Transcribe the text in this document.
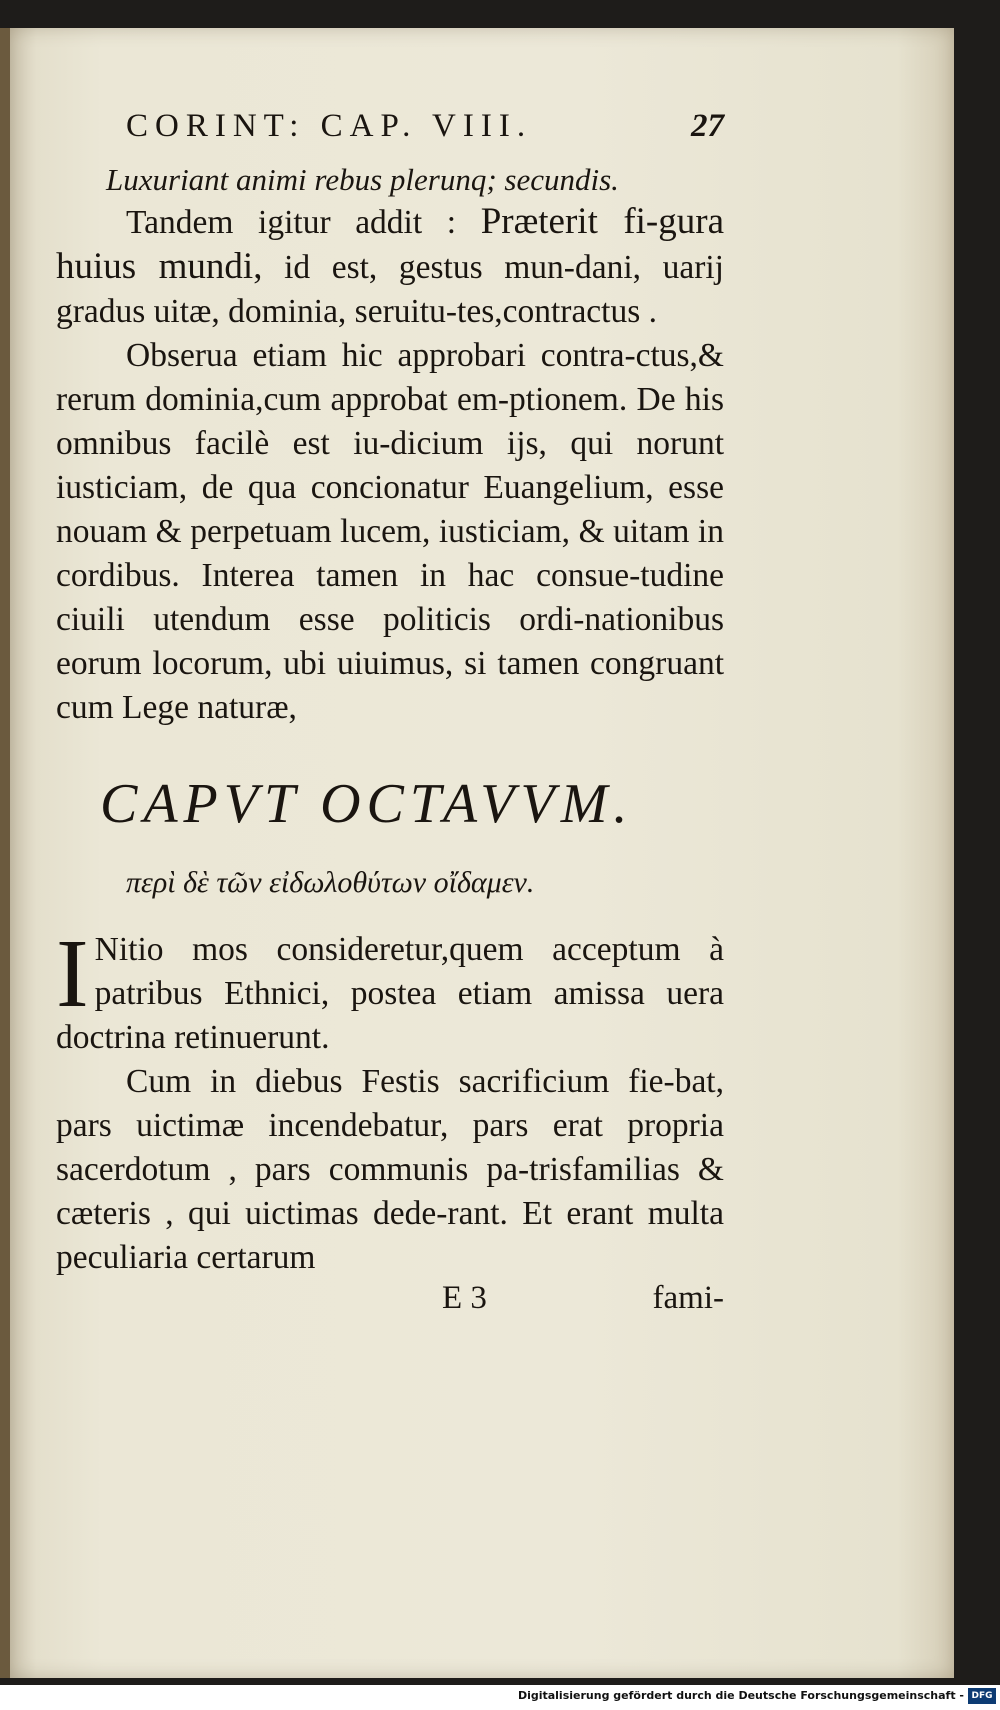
CORINT: CAP. VIII.	27
Luxuriant animi rebus plerunq; secundis.

Tandem igitur addit : Præterit fi-gura huius mundi, id est, gestus mun-dani, uarij gradus uitæ, dominia, seruitu-tes,contractus .

Obserua etiam hic approbari contra-ctus,& rerum dominia,cum approbat em-ptionem. De his omnibus facilè est iu-dicium ijs, qui norunt iusticiam, de qua concionatur Euangelium, esse nouam & perpetuam lucem, iusticiam, & uitam in cordibus. Interea tamen in hac consue-tudine ciuili utendum esse politicis ordi-nationibus eorum locorum, ubi uiuimus, si tamen congruant cum Lege naturæ,

CAPVT OCTAVVM.
περὶ δὲ τῶν εἰδωλοθύτων οἴδαμεν.

I Nitio mos consideretur,quem acceptum à patribus Ethnici, postea etiam amissa uera doctrina retinuerunt.

Cum in diebus Festis sacrificium fie-bat, pars uictimæ incendebatur, pars erat propria sacerdotum , pars communis pa-trisfamilias & cæteris , qui uictimas dede-rant. Et erant multa peculiaria certarum

E 3	fami-
Digitalisierung gefördert durch die Deutsche Forschungsgemeinschaft - DFG
